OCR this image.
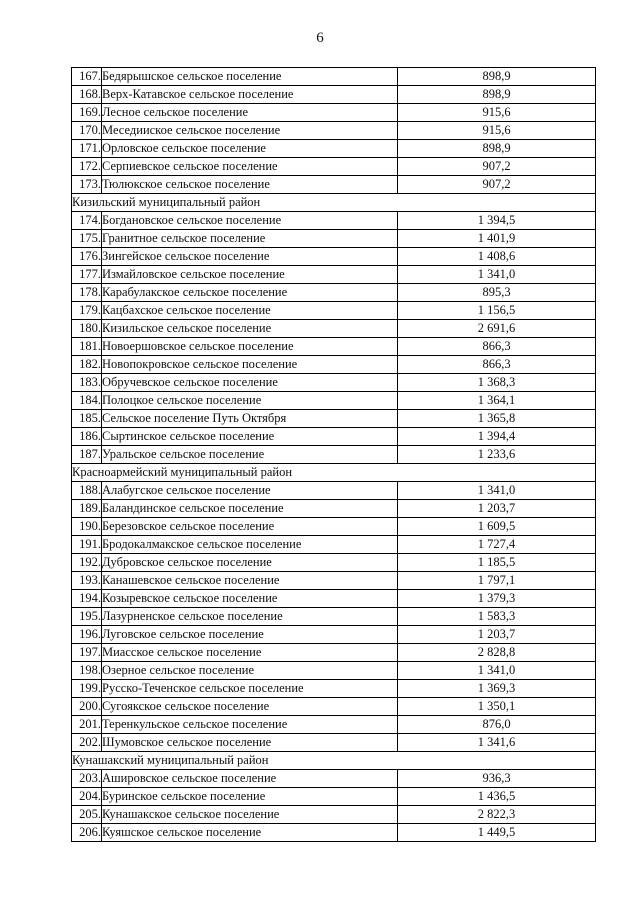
6
167.	Бедярышское сельское поселение	898,9
168.	Верх-Катавское сельское поселение	898,9
169.	Лесное сельское поселение	915,6
170.	Меседииское сельское поселение	915,6
171.	Орловское сельское поселение	898,9
172.	Серпиевское сельское поселение	907,2
173.	Тюлюкское сельское поселение	907,2
Кизильский муниципальный район		
174.	Богдановское сельское поселение	1 394,5
175.	Гранитное сельское поселение	1 401,9
176.	Зингейское сельское поселение	1 408,6
177.	Измайловское сельское поселение	1 341,0
178.	Карабулакское сельское поселение	895,3
179.	Кацбахское сельское поселение	1 156,5
180.	Кизильское сельское поселение	2 691,6
181.	Новоершовское сельское поселение	866,3
182.	Новопокровское сельское поселение	866,3
183.	Обручевское сельское поселение	1 368,3
184.	Полоцкое сельское поселение	1 364,1
185.	Сельское поселение Путь Октября	1 365,8
186.	Сыртинское сельское поселение	1 394,4
187.	Уральское сельское поселение	1 233,6
Красноармейский муниципальный район		
188.	Алабугское сельское поселение	1 341,0
189.	Баландинское сельское поселение	1 203,7
190.	Березовское сельское поселение	1 609,5
191.	Бродокалмакское сельское поселение	1 727,4
192.	Дубровское сельское поселение	1 185,5
193.	Канашевское сельское поселение	1 797,1
194.	Козыревское сельское поселение	1 379,3
195.	Лазурненское сельское поселение	1 583,3
196.	Луговское сельское поселение	1 203,7
197.	Миасское сельское поселение	2 828,8
198.	Озерное сельское поселение	1 341,0
199.	Русско-Теченское сельское поселение	1 369,3
200.	Сугоякское сельское поселение	1 350,1
201.	Теренкульское сельское поселение	876,0
202.	Шумовское сельское поселение	1 341,6
Кунашакский муниципальный район		
203.	Ашировское сельское поселение	936,3
204.	Буринское сельское поселение	1 436,5
205.	Кунашакское сельское поселение	2 822,3
206.	Куяшское сельское поселение	1 449,5
